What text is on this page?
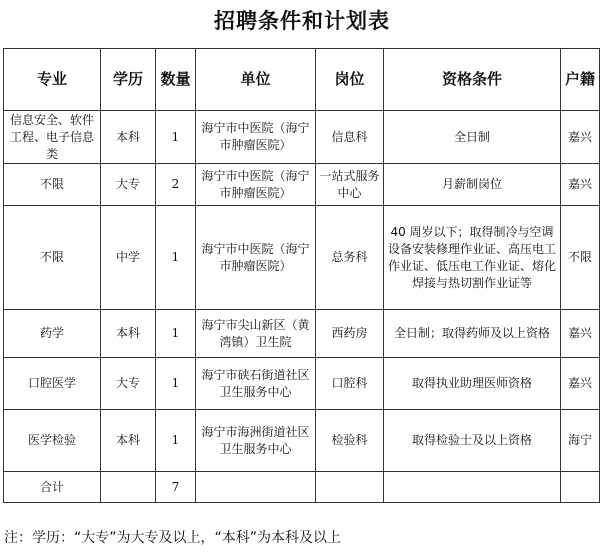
招聘条件和计划表
专业	学历	数量	单位	岗位	资格条件	户籍
信息安全、软件工程、电子信息类	本科	1	海宁市中医院（海宁市肿瘤医院）	信息科	全日制	嘉兴
不限	大专	2	海宁市中医院（海宁市肿瘤医院）	一站式服务中心	月薪制岗位	嘉兴
不限	中学	1	海宁市中医院（海宁市肿瘤医院）	总务科	40 周岁以下；取得制冷与空调设备安装修理作业证、高压电工作业证、低压电工作业证、熔化焊接与热切割作业证等	不限
药学	本科	1	海宁市尖山新区（黄湾镇）卫生院	西药房	全日制；取得药师及以上资格	嘉兴
口腔医学	大专	1	海宁市硖石街道社区卫生服务中心	口腔科	取得执业助理医师资格	嘉兴
医学检验	本科	1	海宁市海洲街道社区卫生服务中心	检验科	取得检验士及以上资格	海宁
合计		7				
注：学历：“大专”为大专及以上，“本科”为本科及以上
